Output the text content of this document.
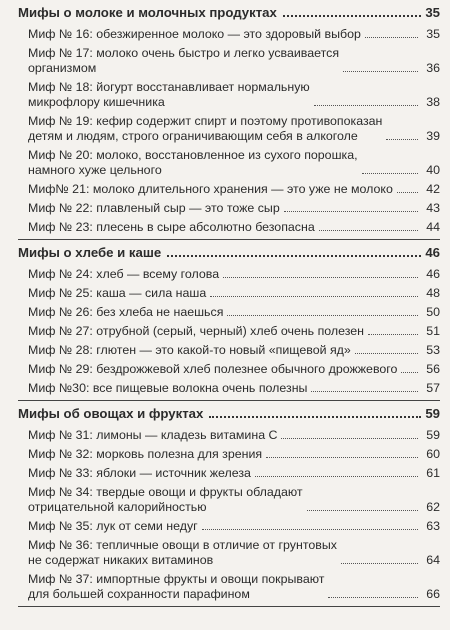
Мифы о молоке и молочных продуктах	35
Миф № 16: обезжиренное молоко — это здоровый выбор	35
Миф № 17: молоко очень быстро и легко усваивается
организмом	36
Миф № 18: йогурт восстанавливает нормальную
микрофлору кишечника	38
Миф № 19: кефир содержит спирт и поэтому противопоказан
детям и людям, строго ограничивающим себя в алкоголе	39
Миф № 20: молоко, восстановленное из сухого порошка,
намного хуже цельного	40
Миф№ 21: молоко длительного хранения — это уже не молоко	42
Миф № 22: плавленый сыр — это тоже сыр	43
Миф № 23: плесень в сыре абсолютно безопасна	44
Мифы о хлебе и каше	46
Миф № 24: хлеб — всему голова	46
Миф № 25: каша — сила наша	48
Миф № 26: без хлеба не наешься	50
Миф № 27: отрубной (серый, черный) хлеб очень полезен	51
Миф № 28: глютен — это какой-то новый «пищевой яд»	53
Миф № 29: бездрожжевой хлеб полезнее обычного дрожжевого	56
Миф №30: все пищевые волокна очень полезны	57
Мифы об овощах и фруктах	59
Миф № 31: лимоны — кладезь витамина С	59
Миф № 32: морковь полезна для зрения	60
Миф № 33: яблоки — источник железа	61
Миф № 34: твердые овощи и фрукты обладают
отрицательной калорийностью	62
Миф № 35: лук от семи недуг	63
Миф № 36: тепличные овощи в отличие от грунтовых
не содержат никаких витаминов	64
Миф № 37: импортные фрукты и овощи покрывают
для большей сохранности парафином	66
